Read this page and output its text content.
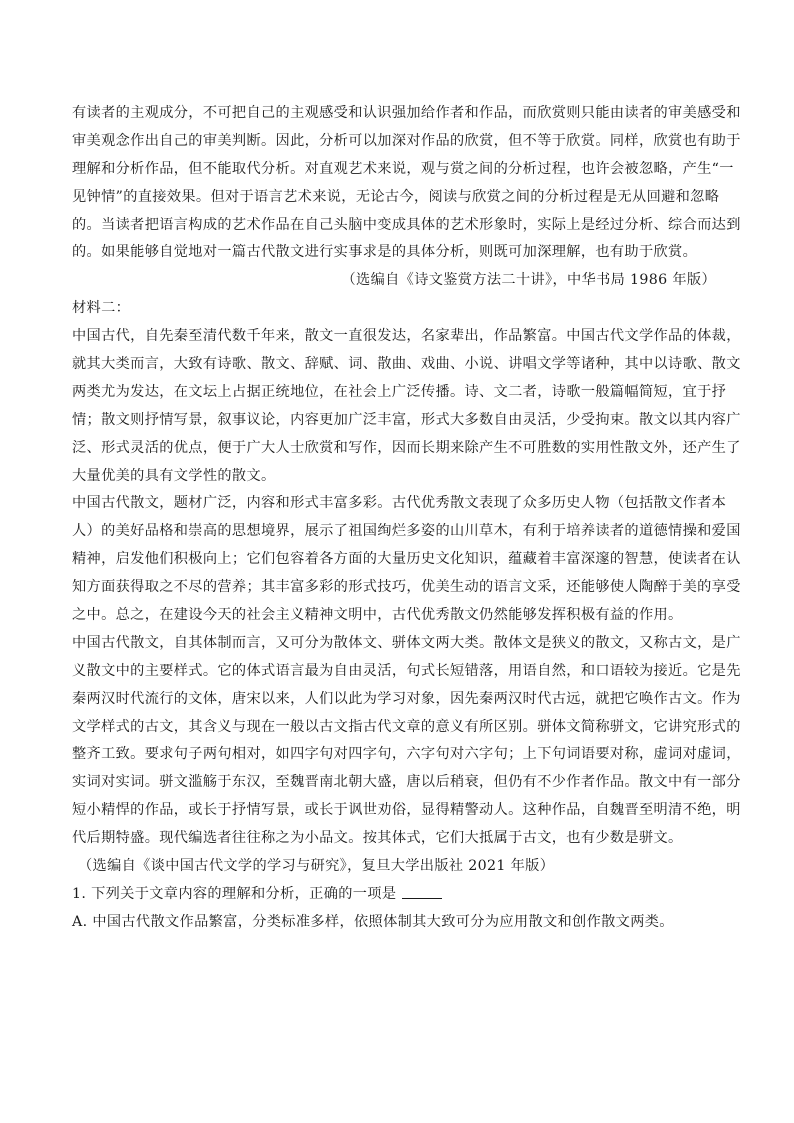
有读者的主观成分，不可把自己的主观感受和认识强加给作者和作品，而欣赏则只能由读者的审美感受和
审美观念作出自己的审美判断。因此，分析可以加深对作品的欣赏，但不等于欣赏。同样，欣赏也有助于
理解和分析作品，但不能取代分析。对直观艺术来说，观与赏之间的分析过程，也许会被忽略，产生“一
见钟情”的直接效果。但对于语言艺术来说，无论古今，阅读与欣赏之间的分析过程是无从回避和忽略
的。当读者把语言构成的艺术作品在自己头脑中变成具体的艺术形象时，实际上是经过分析、综合而达到
的。如果能够自觉地对一篇古代散文进行实事求是的具体分析，则既可加深理解，也有助于欣赏。
（选编自《诗文鉴赏方法二十讲》，中华书局 1986 年版）
材料二：
中国古代，自先秦至清代数千年来，散文一直很发达，名家辈出，作品繁富。中国古代文学作品的体裁，
就其大类而言，大致有诗歌、散文、辞赋、词、散曲、戏曲、小说、讲唱文学等诸种，其中以诗歌、散文
两类尤为发达，在文坛上占据正统地位，在社会上广泛传播。诗、文二者，诗歌一般篇幅简短，宜于抒
情；散文则抒情写景，叙事议论，内容更加广泛丰富，形式大多数自由灵活，少受拘束。散文以其内容广
泛、形式灵活的优点，便于广大人士欣赏和写作，因而长期来除产生不可胜数的实用性散文外，还产生了
大量优美的具有文学性的散文。
中国古代散文，题材广泛，内容和形式丰富多彩。古代优秀散文表现了众多历史人物（包括散文作者本
人）的美好品格和崇高的思想境界，展示了祖国绚烂多姿的山川草木，有利于培养读者的道德情操和爱国
精神，启发他们积极向上；它们包容着各方面的大量历史文化知识，蕴藏着丰富深邃的智慧，使读者在认
知方面获得取之不尽的营养；其丰富多彩的形式技巧，优美生动的语言文采，还能够使人陶醉于美的享受
之中。总之，在建设今天的社会主义精神文明中，古代优秀散文仍然能够发挥积极有益的作用。
中国古代散文，自其体制而言，又可分为散体文、骈体文两大类。散体文是狭义的散文，又称古文，是广
义散文中的主要样式。它的体式语言最为自由灵活，句式长短错落，用语自然，和口语较为接近。它是先
秦两汉时代流行的文体，唐宋以来，人们以此为学习对象，因先秦两汉时代古远，就把它唤作古文。作为
文学样式的古文，其含义与现在一般以古文指古代文章的意义有所区别。骈体文简称骈文，它讲究形式的
整齐工致。要求句子两句相对，如四字句对四字句，六字句对六字句；上下句词语要对称，虚词对虚词，
实词对实词。骈文滥觞于东汉，至魏晋南北朝大盛，唐以后稍衰，但仍有不少作者作品。散文中有一部分
短小精悍的作品，或长于抒情写景，或长于讽世劝俗，显得精警动人。这种作品，自魏晋至明清不绝，明
代后期特盛。现代编选者往往称之为小品文。按其体式，它们大抵属于古文，也有少数是骈文。
（选编自《谈中国古代文学的学习与研究》，复旦大学出版社 2021 年版）
1. 下列关于文章内容的理解和分析，正确的一项是
A. 中国古代散文作品繁富，分类标准多样，依照体制其大致可分为应用散文和创作散文两类。
